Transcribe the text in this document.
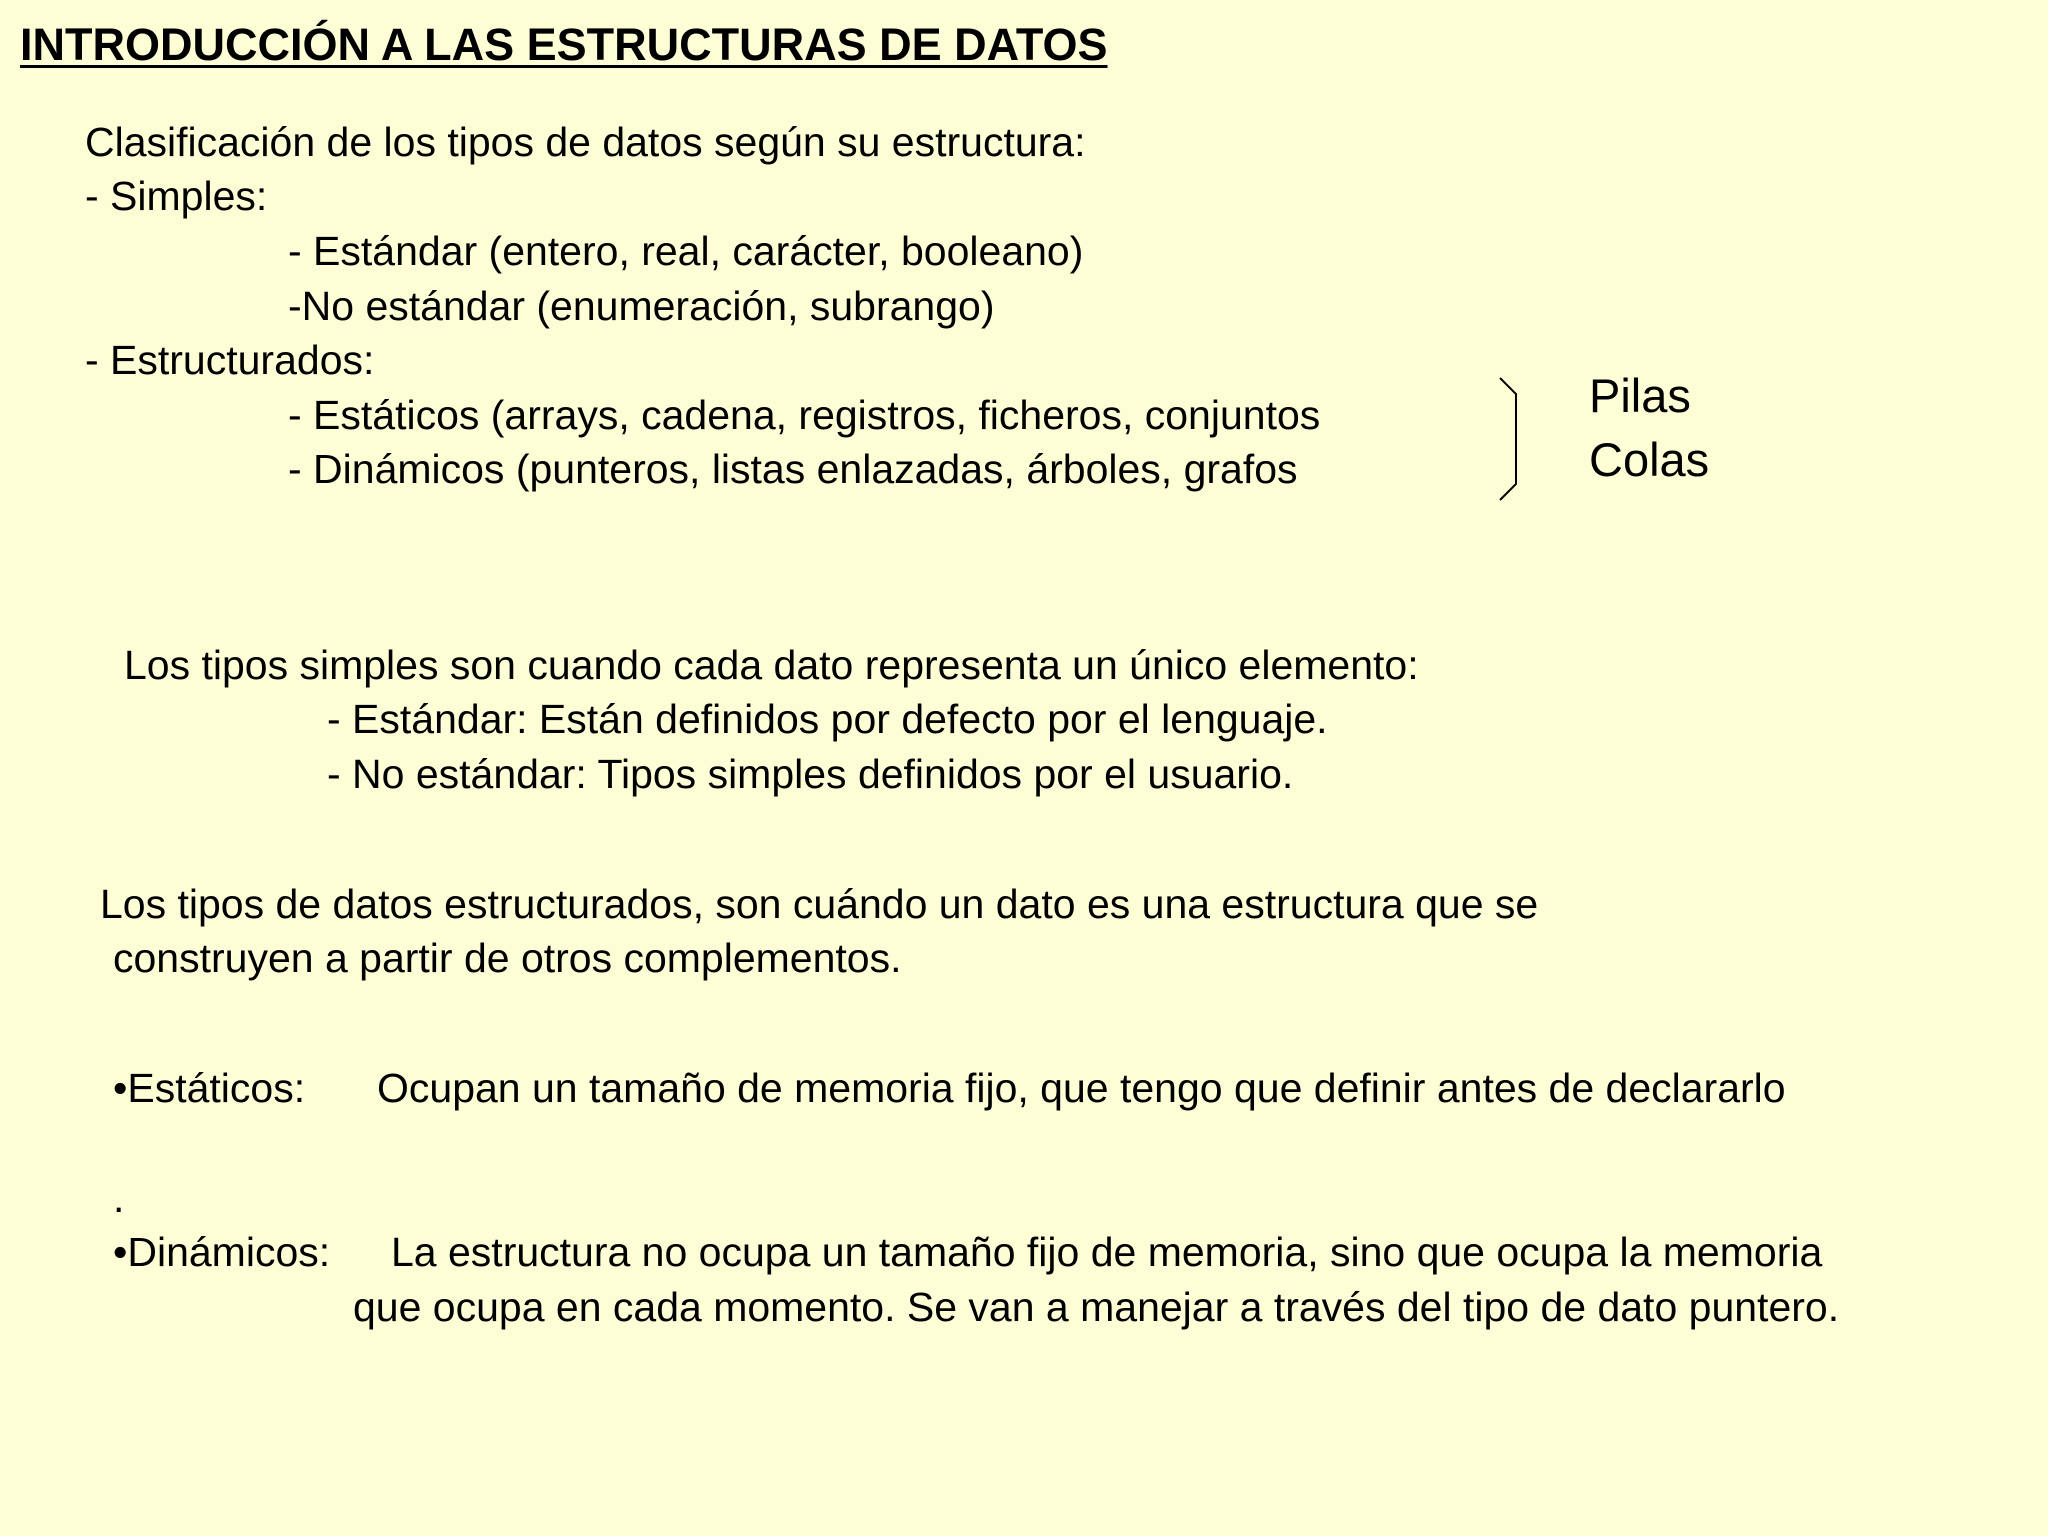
INTRODUCCIÓN A LAS ESTRUCTURAS DE DATOS
Clasificación de los tipos de datos según su estructura:
- Simples:
- Estándar (entero, real, carácter, booleano)
-No estándar (enumeración, subrango)
- Estructurados:
- Estáticos (arrays, cadena, registros, ficheros, conjuntos
- Dinámicos (punteros, listas enlazadas, árboles, grafos
Pilas
Colas
Los tipos simples son cuando cada dato representa un único elemento:
- Estándar: Están definidos por defecto por el lenguaje.
- No estándar: Tipos simples definidos por el usuario.
Los tipos de datos estructurados, son cuándo un dato es una estructura que se
construyen a partir de otros complementos.
•Estáticos: Ocupan un tamaño de memoria fijo, que tengo que definir antes de declararlo
.
•Dinámicos: La estructura no ocupa un tamaño fijo de memoria, sino que ocupa la memoria
que ocupa en cada momento. Se van a manejar a través del tipo de dato puntero.
